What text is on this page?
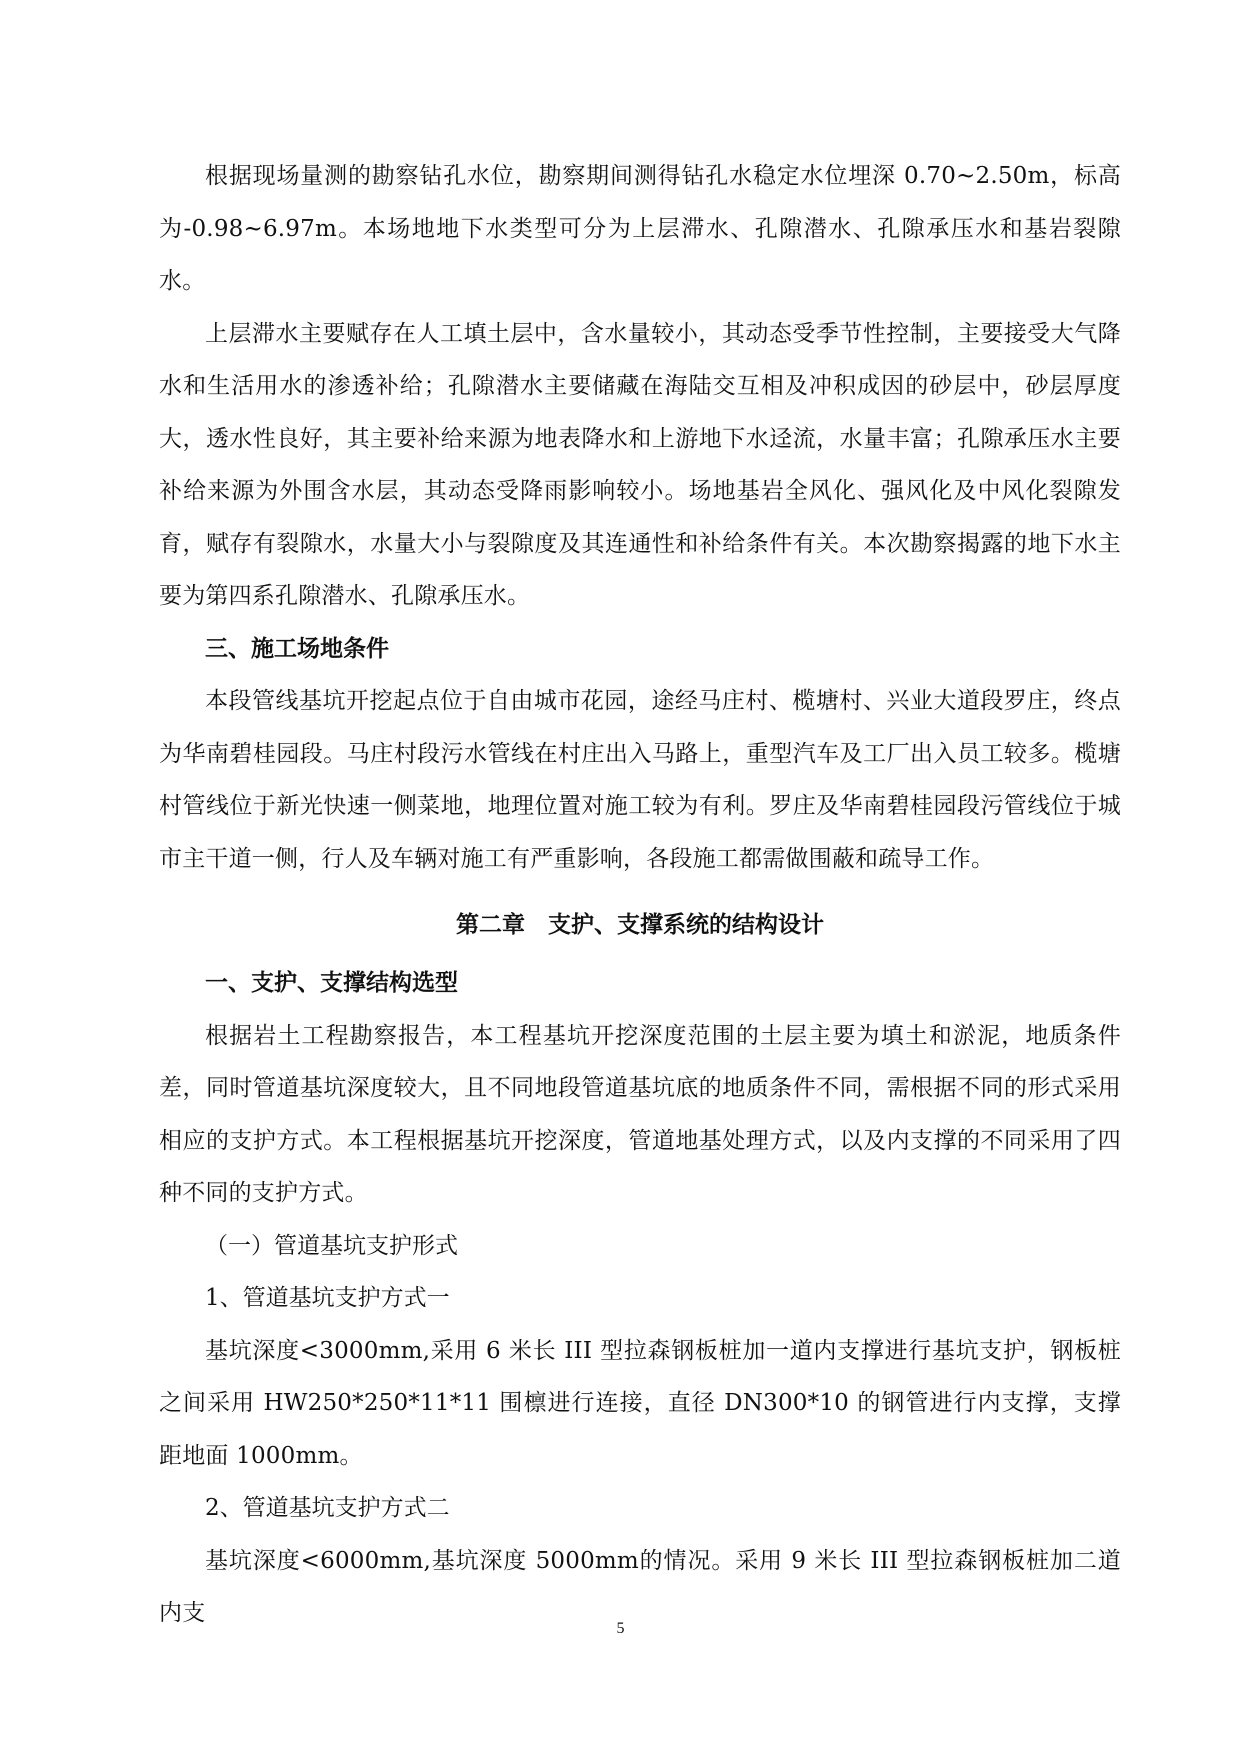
根据现场量测的勘察钻孔水位，勘察期间测得钻孔水稳定水位埋深 0.70~2.50m，标高为-0.98~6.97m。本场地地下水类型可分为上层滞水、孔隙潜水、孔隙承压水和基岩裂隙水。

上层滞水主要赋存在人工填土层中，含水量较小，其动态受季节性控制，主要接受大气降水和生活用水的渗透补给；孔隙潜水主要储藏在海陆交互相及冲积成因的砂层中，砂层厚度大，透水性良好，其主要补给来源为地表降水和上游地下水迳流，水量丰富；孔隙承压水主要补给来源为外围含水层，其动态受降雨影响较小。场地基岩全风化、强风化及中风化裂隙发育，赋存有裂隙水，水量大小与裂隙度及其连通性和补给条件有关。本次勘察揭露的地下水主要为第四系孔隙潜水、孔隙承压水。

三、施工场地条件

本段管线基坑开挖起点位于自由城市花园，途经马庄村、榄塘村、兴业大道段罗庄，终点为华南碧桂园段。马庄村段污水管线在村庄出入马路上，重型汽车及工厂出入员工较多。榄塘村管线位于新光快速一侧菜地，地理位置对施工较为有利。罗庄及华南碧桂园段污管线位于城市主干道一侧，行人及车辆对施工有严重影响，各段施工都需做围蔽和疏导工作。

第二章 支护、支撑系统的结构设计

一、支护、支撑结构选型

根据岩土工程勘察报告，本工程基坑开挖深度范围的土层主要为填土和淤泥，地质条件差，同时管道基坑深度较大，且不同地段管道基坑底的地质条件不同，需根据不同的形式采用相应的支护方式。本工程根据基坑开挖深度，管道地基处理方式，以及内支撑的不同采用了四种不同的支护方式。

（一）管道基坑支护形式

1、管道基坑支护方式一

基坑深度<3000mm,采用 6 米长 III 型拉森钢板桩加一道内支撑进行基坑支护，钢板桩之间采用 HW250*250*11*11 围檩进行连接，直径 DN300*10 的钢管进行内支撑，支撑距地面 1000mm。

2、管道基坑支护方式二

基坑深度<6000mm,基坑深度 5000mm的情况。采用 9 米长 III 型拉森钢板桩加二道内支

5
